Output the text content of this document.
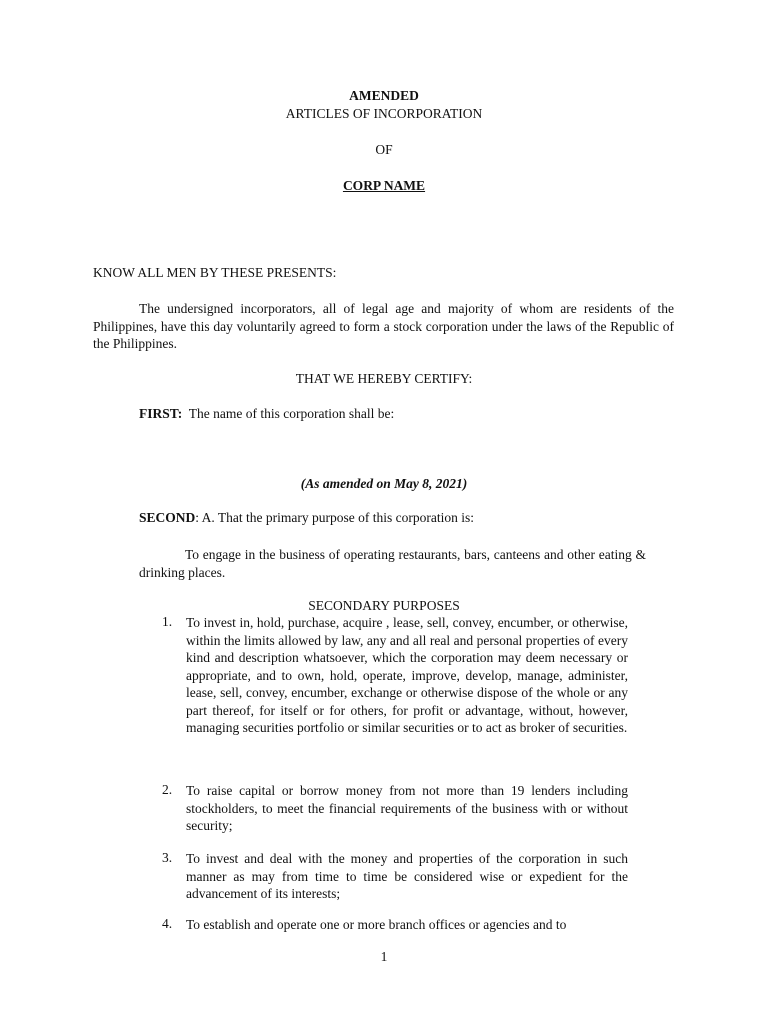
AMENDED
ARTICLES OF INCORPORATION
OF
CORP NAME
KNOW ALL MEN BY THESE PRESENTS:
The undersigned incorporators, all of legal age and majority of whom are residents of the Philippines, have this day voluntarily agreed to form a stock corporation under the laws of the Republic of the Philippines.
THAT WE HEREBY CERTIFY:
FIRST: The name of this corporation shall be:
(As amended on May 8, 2021)
SECOND: A. That the primary purpose of this corporation is:
To engage in the business of operating restaurants, bars, canteens and other eating & drinking places.
SECONDARY PURPOSES
1. To invest in, hold, purchase, acquire , lease, sell, convey, encumber, or otherwise, within the limits allowed by law, any and all real and personal properties of every kind and description whatsoever, which the corporation may deem necessary or appropriate, and to own, hold, operate, improve, develop, manage, administer, lease, sell, convey, encumber, exchange or otherwise dispose of the whole or any part thereof, for itself or for others, for profit or advantage, without, however, managing securities portfolio or similar securities or to act as broker of securities.
2. To raise capital or borrow money from not more than 19 lenders including stockholders, to meet the financial requirements of the business with or without security;
3. To invest and deal with the money and properties of the corporation in such manner as may from time to time be considered wise or expedient for the advancement of its interests;
4. To establish and operate one or more branch offices or agencies and to
1
